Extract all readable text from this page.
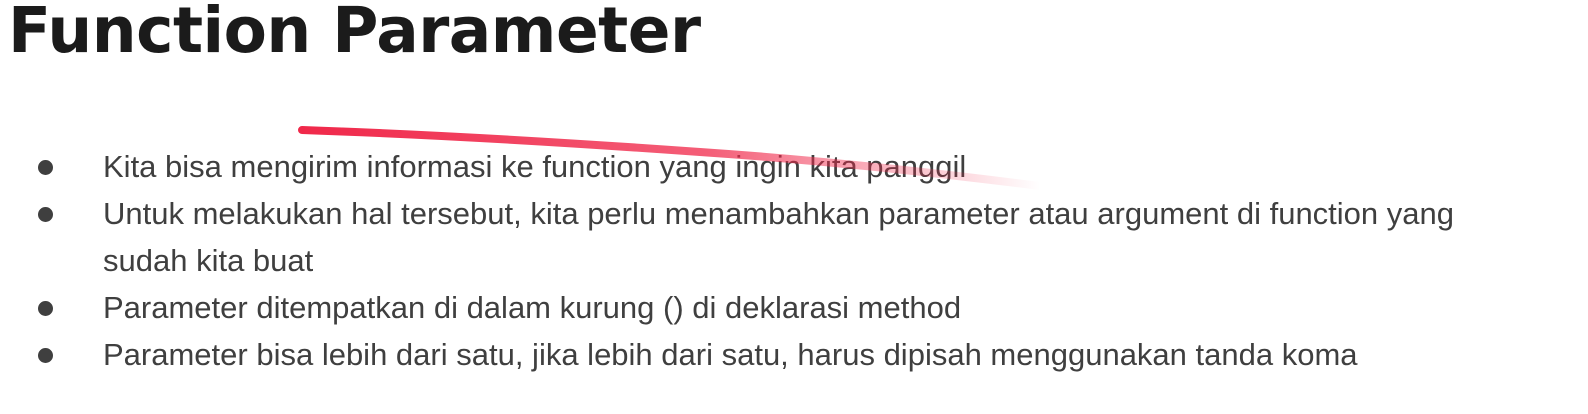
Function Parameter
Kita bisa mengirim informasi ke function yang ingin kita panggil
Untuk melakukan hal tersebut, kita perlu menambahkan parameter atau argument di function yang sudah kita buat
Parameter ditempatkan di dalam kurung () di deklarasi method
Parameter bisa lebih dari satu, jika lebih dari satu, harus dipisah menggunakan tanda koma
